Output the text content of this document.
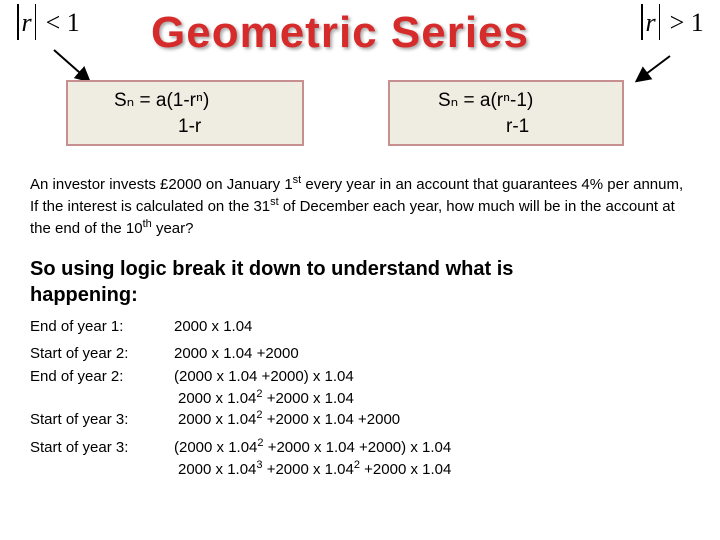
r < 1	r > 1
Geometric Series
Sₙ = a(1-rⁿ)
1-r
Sₙ = a(rⁿ-1)
r-1
An investor invests £2000 on January 1st every year in an account that guarantees 4% per annum, If the interest is calculated on the 31st of December each year, how much will be in the account at the end of the 10th year?
So using logic break it down to understand what is happening:
End of year 1:	2000 x 1.04
Start of year 2:	2000 x 1.04 +2000
End of year 2:	(2000 x 1.04 +2000) x 1.04
2000 x $1.04^2 +2000$ x 1.04
Start of year 3:	2000 x $1.04^2 +2000$ x 1.04 +2000
Start of year 3:	(2000 x $1.04^2 +2000$ x 1.04 +2000) x 1.04
2000 x $1.04^3 +2000$ x $1.04^2 +2000$ x 1.04
